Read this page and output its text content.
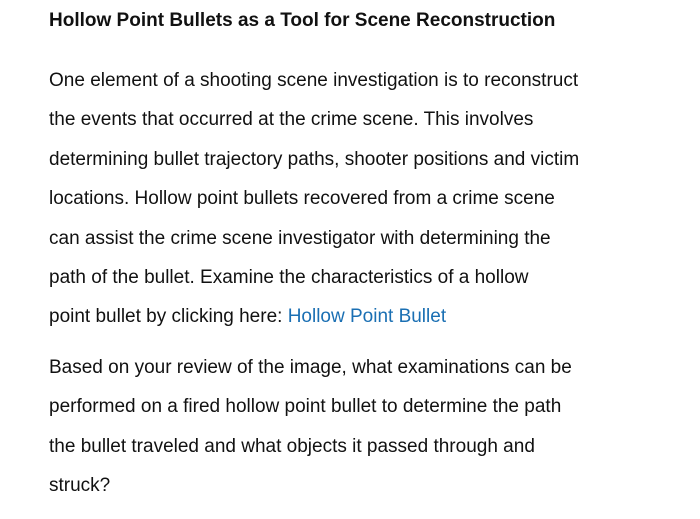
Hollow Point Bullets as a Tool for Scene Reconstruction

One element of a shooting scene investigation is to reconstruct
the events that occurred at the crime scene. This involves
determining bullet trajectory paths, shooter positions and victim
locations. Hollow point bullets recovered from a crime scene
can assist the crime scene investigator with determining the
path of the bullet. Examine the characteristics of a hollow
point bullet by clicking here: Hollow Point Bullet

Based on your review of the image, what examinations can be
performed on a fired hollow point bullet to determine the path
the bullet traveled and what objects it passed through and
struck?
